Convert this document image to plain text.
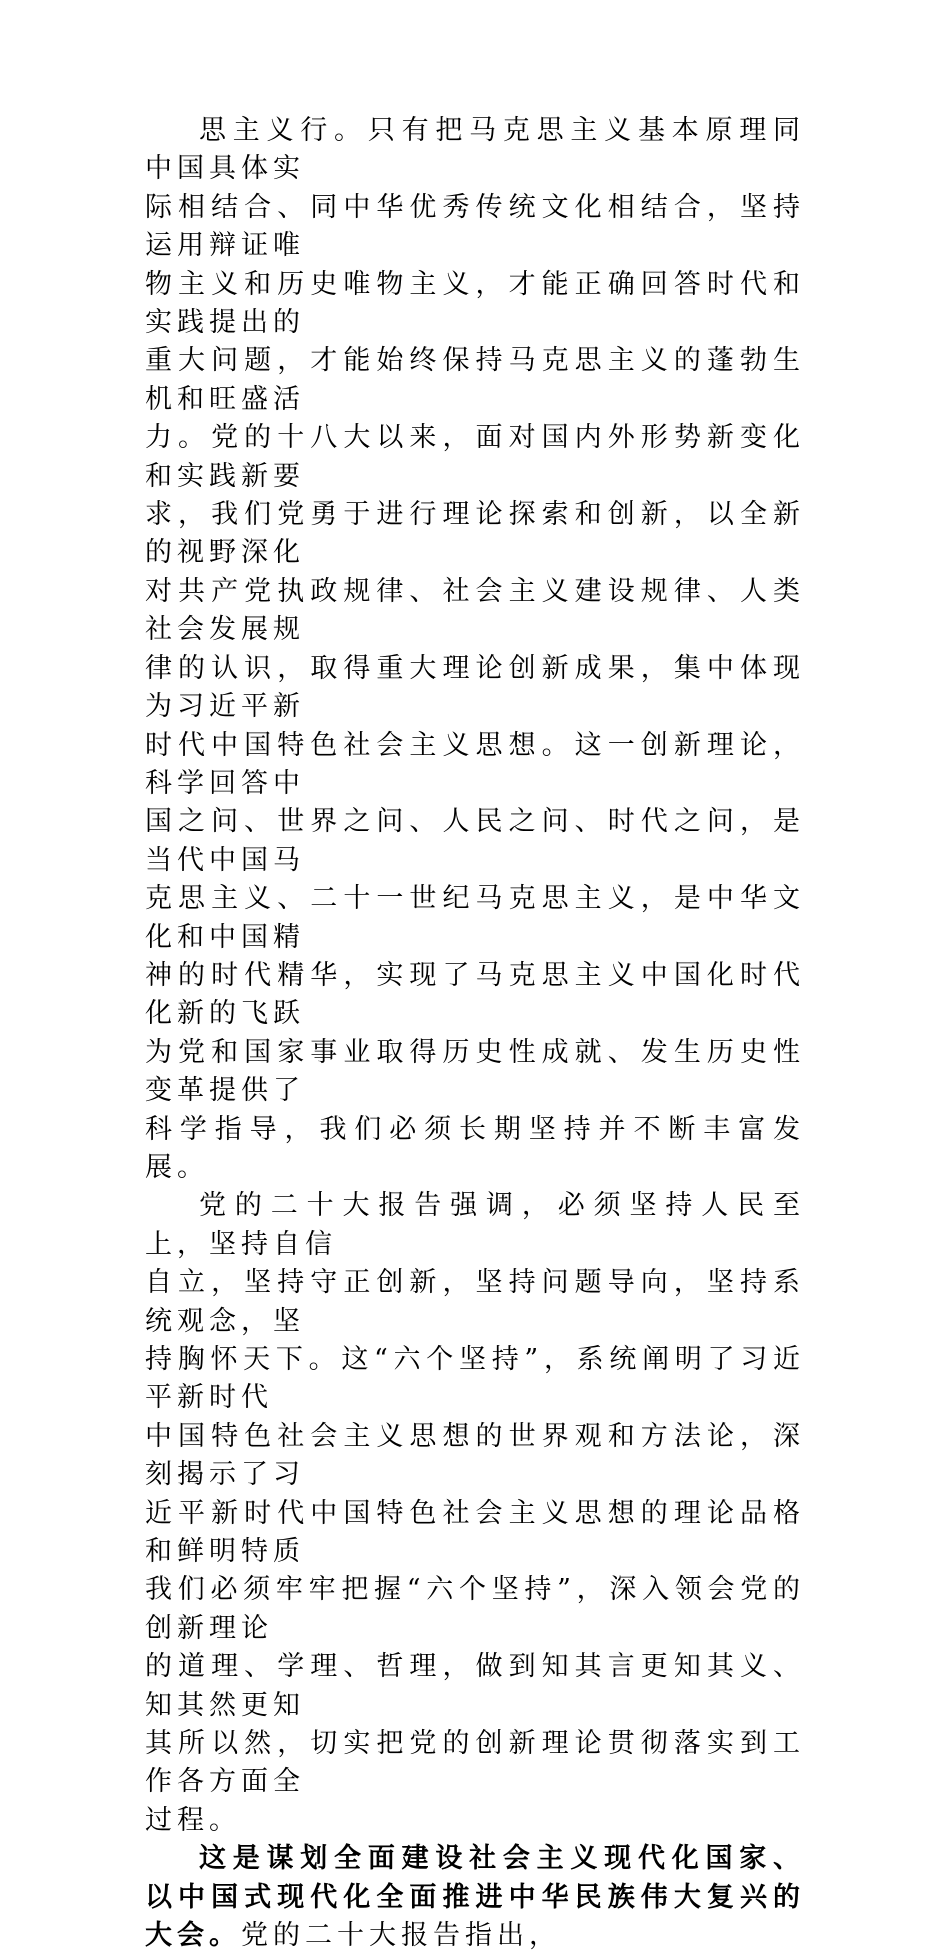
思主义行。只有把马克思主义基本原理同中国具体实
际相结合、同中华优秀传统文化相结合，坚持运用辩证唯
物主义和历史唯物主义，才能正确回答时代和实践提出的
重大问题，才能始终保持马克思主义的蓬勃生机和旺盛活
力。党的十八大以来，面对国内外形势新变化和实践新要
求，我们党勇于进行理论探索和创新，以全新的视野深化
对共产党执政规律、社会主义建设规律、人类社会发展规
律的认识，取得重大理论创新成果，集中体现为习近平新
时代中国特色社会主义思想。这一创新理论，科学回答中
国之问、世界之问、人民之问、时代之问，是当代中国马
克思主义、二十一世纪马克思主义，是中华文化和中国精
神的时代精华，实现了马克思主义中国化时代化新的飞跃
为党和国家事业取得历史性成就、发生历史性变革提供了
科学指导，我们必须长期坚持并不断丰富发展。
党的二十大报告强调，必须坚持人民至上，坚持自信
自立，坚持守正创新，坚持问题导向，坚持系统观念，坚
持胸怀天下。这“六个坚持”，系统阐明了习近平新时代
中国特色社会主义思想的世界观和方法论，深刻揭示了习
近平新时代中国特色社会主义思想的理论品格和鲜明特质
我们必须牢牢把握“六个坚持”，深入领会党的创新理论
的道理、学理、哲理，做到知其言更知其义、知其然更知
其所以然，切实把党的创新理论贯彻落实到工作各方面全
过程。

这是谋划全面建设社会主义现代化国家、以中国式现代化全面推进中华民族伟大复兴的大会。党的二十大报告指出，
